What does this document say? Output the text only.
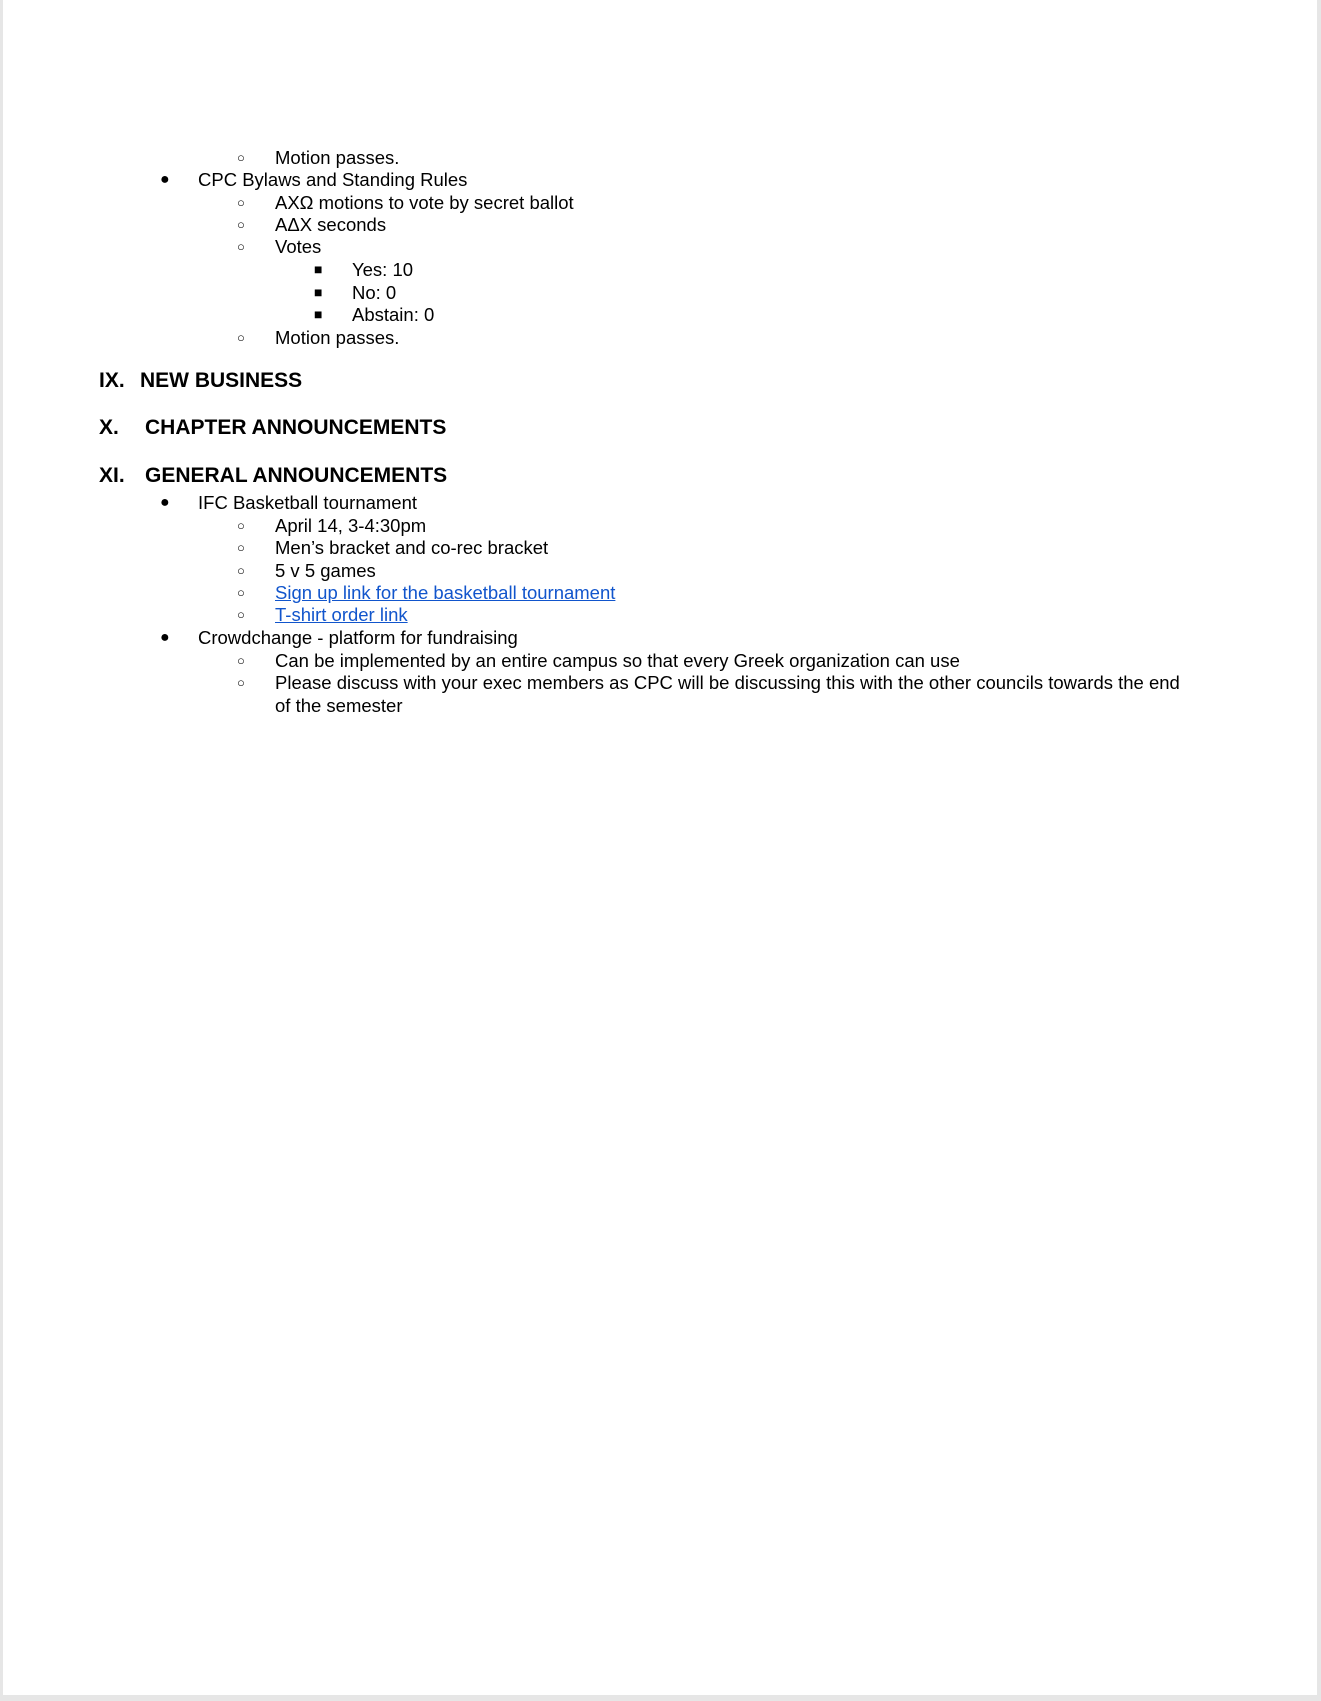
○ Motion passes.
● CPC Bylaws and Standing Rules
○ AXΩ motions to vote by secret ballot
○ AΔX seconds
○ Votes
■ Yes: 10
■ No: 0
■ Abstain: 0
○ Motion passes.
IX. NEW BUSINESS
X. CHAPTER ANNOUNCEMENTS
XI. GENERAL ANNOUNCEMENTS
● IFC Basketball tournament
○ April 14, 3-4:30pm
○ Men’s bracket and co-rec bracket
○ 5 v 5 games
○ Sign up link for the basketball tournament
○ T-shirt order link
● Crowdchange - platform for fundraising
○ Can be implemented by an entire campus so that every Greek organization can use
○ Please discuss with your exec members as CPC will be discussing this with the other councils towards the end of the semester
